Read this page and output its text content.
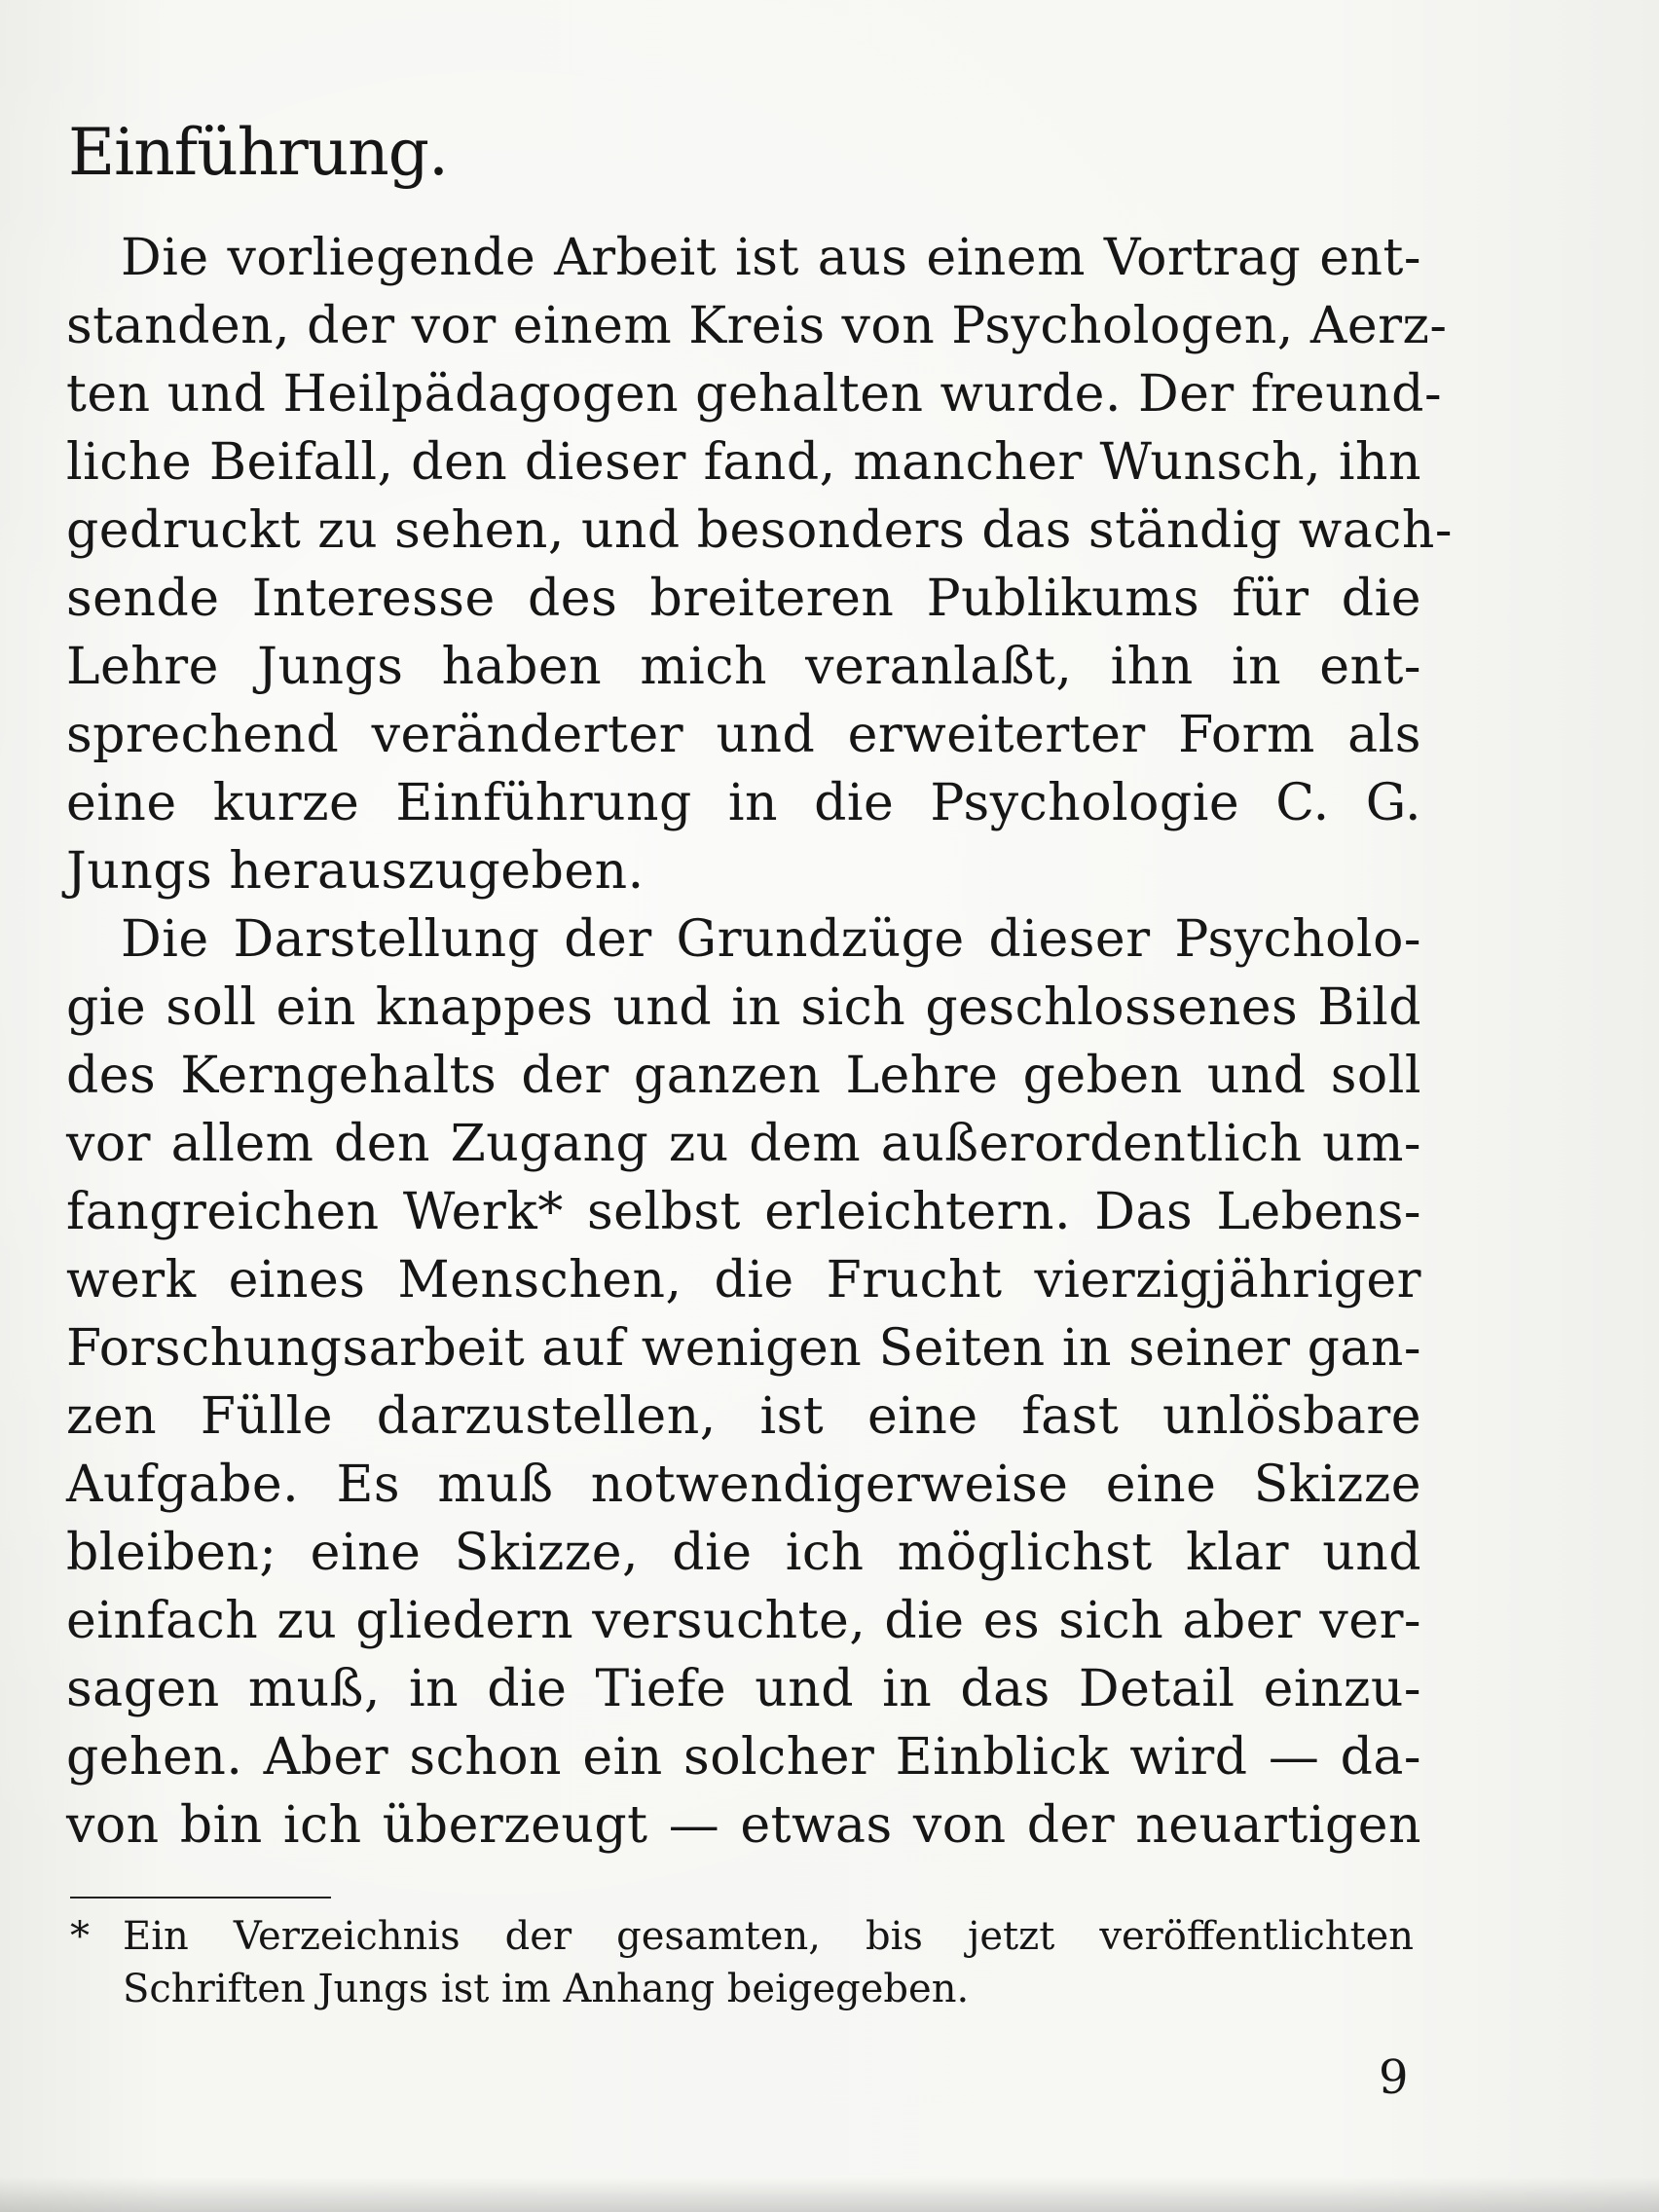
Einführung.
Die vorliegende Arbeit ist aus einem Vortrag ent-
standen, der vor einem Kreis von Psychologen, Aerz-
ten und Heilpädagogen gehalten wurde. Der freund-
liche Beifall, den dieser fand, mancher Wunsch, ihn
gedruckt zu sehen, und besonders das ständig wach-
sende Interesse des breiteren Publikums für die
Lehre Jungs haben mich veranlaßt, ihn in ent-
sprechend veränderter und erweiterter Form als
eine kurze Einführung in die Psychologie C. G.
Jungs herauszugeben.
Die Darstellung der Grundzüge dieser Psycholo-
gie soll ein knappes und in sich geschlossenes Bild
des Kerngehalts der ganzen Lehre geben und soll
vor allem den Zugang zu dem außerordentlich um-
fangreichen Werk* selbst erleichtern. Das Lebens-
werk eines Menschen, die Frucht vierzigjähriger
Forschungsarbeit auf wenigen Seiten in seiner gan-
zen Fülle darzustellen, ist eine fast unlösbare
Aufgabe. Es muß notwendigerweise eine Skizze
bleiben; eine Skizze, die ich möglichst klar und
einfach zu gliedern versuchte, die es sich aber ver-
sagen muß, in die Tiefe und in das Detail einzu-
gehen. Aber schon ein solcher Einblick wird — da-
von bin ich überzeugt — etwas von der neuartigen
* Ein Verzeichnis der gesamten, bis jetzt veröffentlichten
Schriften Jungs ist im Anhang beigegeben.
9
